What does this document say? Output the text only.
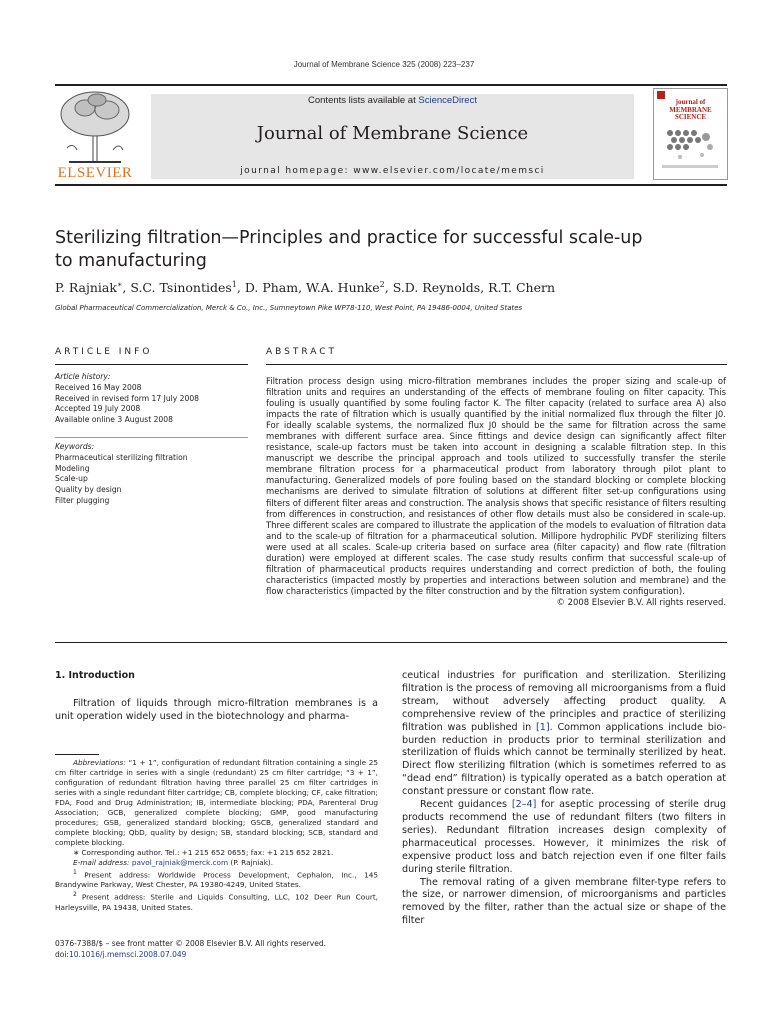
Journal of Membrane Science 325 (2008) 223–237
ELSEVIER
Contents lists available at ScienceDirect
Journal of Membrane Science
journal homepage: www.elsevier.com/locate/memsci
journal of MEMBRANE SCIENCE
Sterilizing filtration—Principles and practice for successful scale-up
to manufacturing
P. Rajniak∗, S.C. Tsinontides$^1$, D. Pham, W.A. Hunke$^2$, S.D. Reynolds, R.T. Chern
Global Pharmaceutical Commercialization, Merck & Co., Inc., Sumneytown Pike WP78-110, West Point, PA 19486-0004, United States
ARTICLE INFO
Article history:
Received 16 May 2008
Received in revised form 17 July 2008
Accepted 19 July 2008
Available online 3 August 2008
Keywords:
Pharmaceutical sterilizing filtration
Modeling
Scale-up
Quality by design
Filter plugging
ABSTRACT
Filtration process design using micro-filtration membranes includes the proper sizing and scale-up of filtration units and requires an understanding of the effects of membrane fouling on filter capacity. This fouling is usually quantified by some fouling factor K. The filter capacity (related to surface area A) also impacts the rate of filtration which is usually quantified by the initial normalized flux through the filter J0. For ideally scalable systems, the normalized flux J0 should be the same for filtration across the same membranes with different surface area. Since fittings and device design can significantly affect filter resistance, scale-up factors must be taken into account in designing a scalable filtration step. In this manuscript we describe the principal approach and tools utilized to successfully transfer the sterile membrane filtration process for a pharmaceutical product from laboratory through pilot plant to manufacturing. Generalized models of pore fouling based on the standard blocking or complete blocking mechanisms are derived to simulate filtration of solutions at different filter set-up configurations using filters of different filter areas and construction. The analysis shows that specific resistance of filters resulting from differences in construction, and resistances of other flow details must also be considered in scale-up. Three different scales are compared to illustrate the application of the models to evaluation of filtration data and to the scale-up of filtration for a pharmaceutical solution. Millipore hydrophilic PVDF sterilizing filters were used at all scales. Scale-up criteria based on surface area (filter capacity) and flow rate (filtration duration) were employed at different scales. The case study results confirm that successful scale-up of filtration of pharmaceutical products requires understanding and correct prediction of both, the fouling characteristics (impacted mostly by properties and interactions between solution and membrane) and the flow characteristics (impacted by the filter construction and by the filtration system configuration).
© 2008 Elsevier B.V. All rights reserved.
1. Introduction

Filtration of liquids through micro-filtration membranes is a unit operation widely used in the biotechnology and pharma-

Abbreviations: “1 + 1”, configuration of redundant filtration containing a single 25 cm filter cartridge in series with a single (redundant) 25 cm filter cartridge; “3 + 1”, configuration of redundant filtration having three parallel 25 cm filter cartridges in series with a single redundant filter cartridge; CB, complete blocking; CF, cake filtration; FDA, Food and Drug Administration; IB, intermediate blocking; PDA, Parenteral Drug Association; GCB, generalized complete blocking; GMP, good manufacturing procedures; GSB, generalized standard blocking; GSCB, generalized standard and complete blocking; QbD, quality by design; SB, standard blocking; SCB, standard and complete blocking.

∗ Corresponding author. Tel.: +1 215 652 0655; fax: +1 215 652 2821.

E-mail address: pavol_rajniak@merck.com (P. Rajniak).

$^1$ Present address: Worldwide Process Development, Cephalon, Inc., 145 Brandywine Parkway, West Chester, PA 19380-4249, United States.

$^2$ Present address: Sterile and Liquids Consulting, LLC, 102 Deer Run Court, Harleysville, PA 19438, United States.

0376-7388/$ – see front matter © 2008 Elsevier B.V. All rights reserved.
doi:10.1016/j.memsci.2008.07.049

ceutical industries for purification and sterilization. Sterilizing filtration is the process of removing all microorganisms from a fluid stream, without adversely affecting product quality. A comprehensive review of the principles and practice of sterilizing filtration was published in [1]. Common applications include bio-burden reduction in products prior to terminal sterilization and sterilization of fluids which cannot be terminally sterilized by heat. Direct flow sterilizing filtration (which is sometimes referred to as “dead end” filtration) is typically operated as a batch operation at constant pressure or constant flow rate.

Recent guidances [2–4] for aseptic processing of sterile drug products recommend the use of redundant filters (two filters in series). Redundant filtration increases design complexity of pharmaceutical processes. However, it minimizes the risk of expensive product loss and batch rejection even if one filter fails during sterile filtration.

The removal rating of a given membrane filter-type refers to the size, or narrower dimension, of microorganisms and particles removed by the filter, rather than the actual size or shape of the filter
